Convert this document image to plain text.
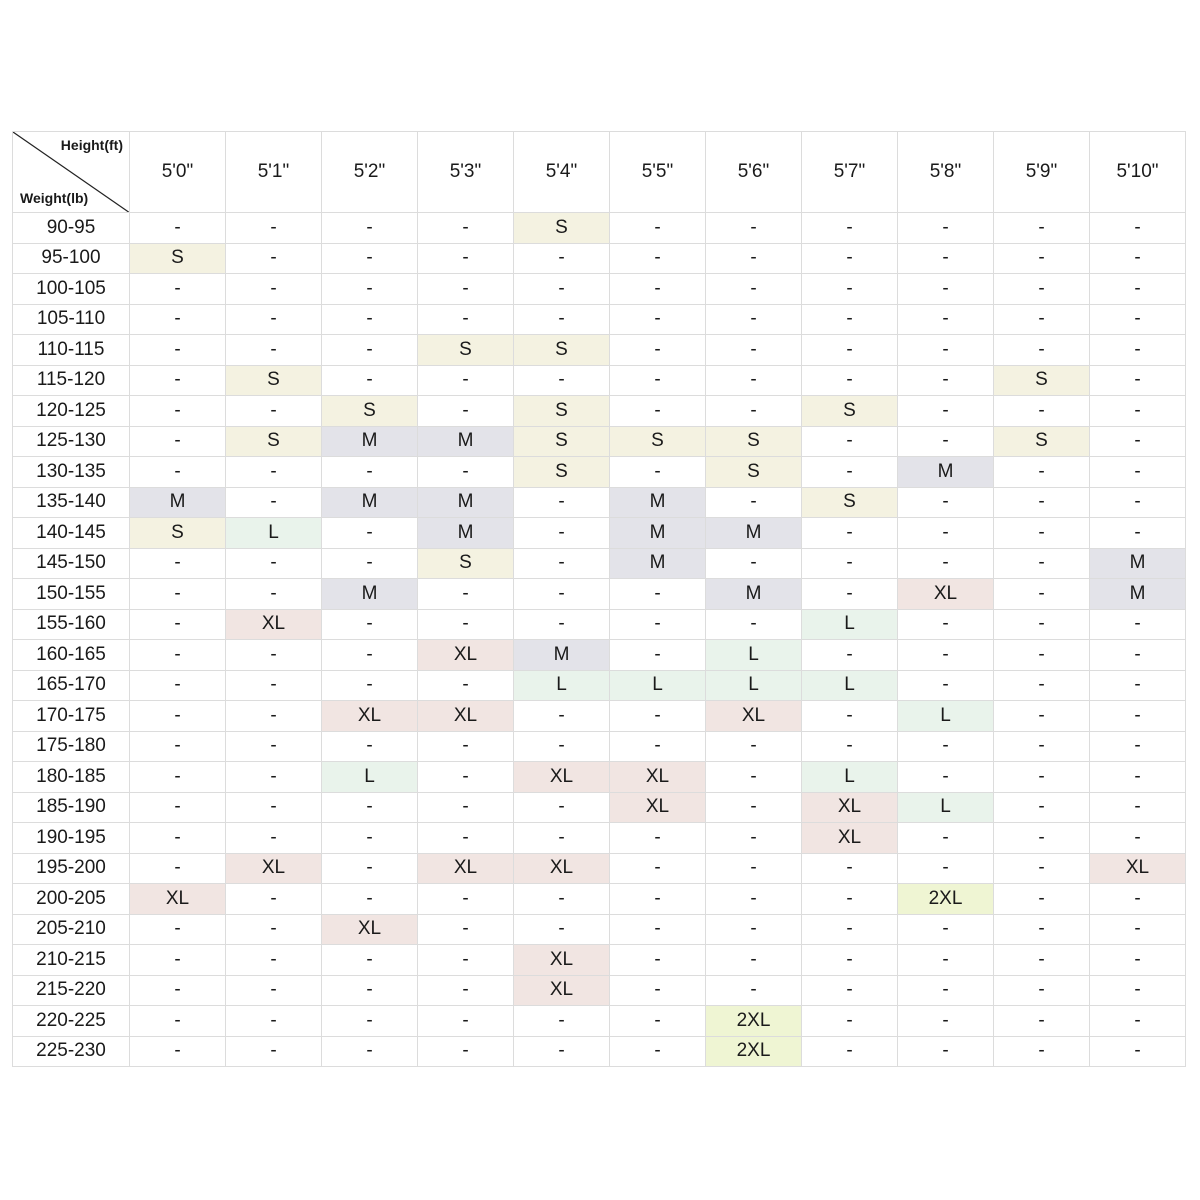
Height(ft)
Weight(lb)	5'0"	5'1"	5'2"	5'3"	5'4"	5'5"	5'6"	5'7"	5'8"	5'9"	5'10"
90-95	-	-	-	-	S	-	-	-	-	-	-
95-100	S	-	-	-	-	-	-	-	-	-	-
100-105	-	-	-	-	-	-	-	-	-	-	-
105-110	-	-	-	-	-	-	-	-	-	-	-
110-115	-	-	-	S	S	-	-	-	-	-	-
115-120	-	S	-	-	-	-	-	-	-	S	-
120-125	-	-	S	-	S	-	-	S	-	-	-
125-130	-	S	M	M	S	S	S	-	-	S	-
130-135	-	-	-	-	S	-	S	-	M	-	-
135-140	M	-	M	M	-	M	-	S	-	-	-
140-145	S	L	-	M	-	M	M	-	-	-	-
145-150	-	-	-	S	-	M	-	-	-	-	M
150-155	-	-	M	-	-	-	M	-	XL	-	M
155-160	-	XL	-	-	-	-	-	L	-	-	-
160-165	-	-	-	XL	M	-	L	-	-	-	-
165-170	-	-	-	-	L	L	L	L	-	-	-
170-175	-	-	XL	XL	-	-	XL	-	L	-	-
175-180	-	-	-	-	-	-	-	-	-	-	-
180-185	-	-	L	-	XL	XL	-	L	-	-	-
185-190	-	-	-	-	-	XL	-	XL	L	-	-
190-195	-	-	-	-	-	-	-	XL	-	-	-
195-200	-	XL	-	XL	XL	-	-	-	-	-	XL
200-205	XL	-	-	-	-	-	-	-	2XL	-	-
205-210	-	-	XL	-	-	-	-	-	-	-	-
210-215	-	-	-	-	XL	-	-	-	-	-	-
215-220	-	-	-	-	XL	-	-	-	-	-	-
220-225	-	-	-	-	-	-	2XL	-	-	-	-
225-230	-	-	-	-	-	-	2XL	-	-	-	-
